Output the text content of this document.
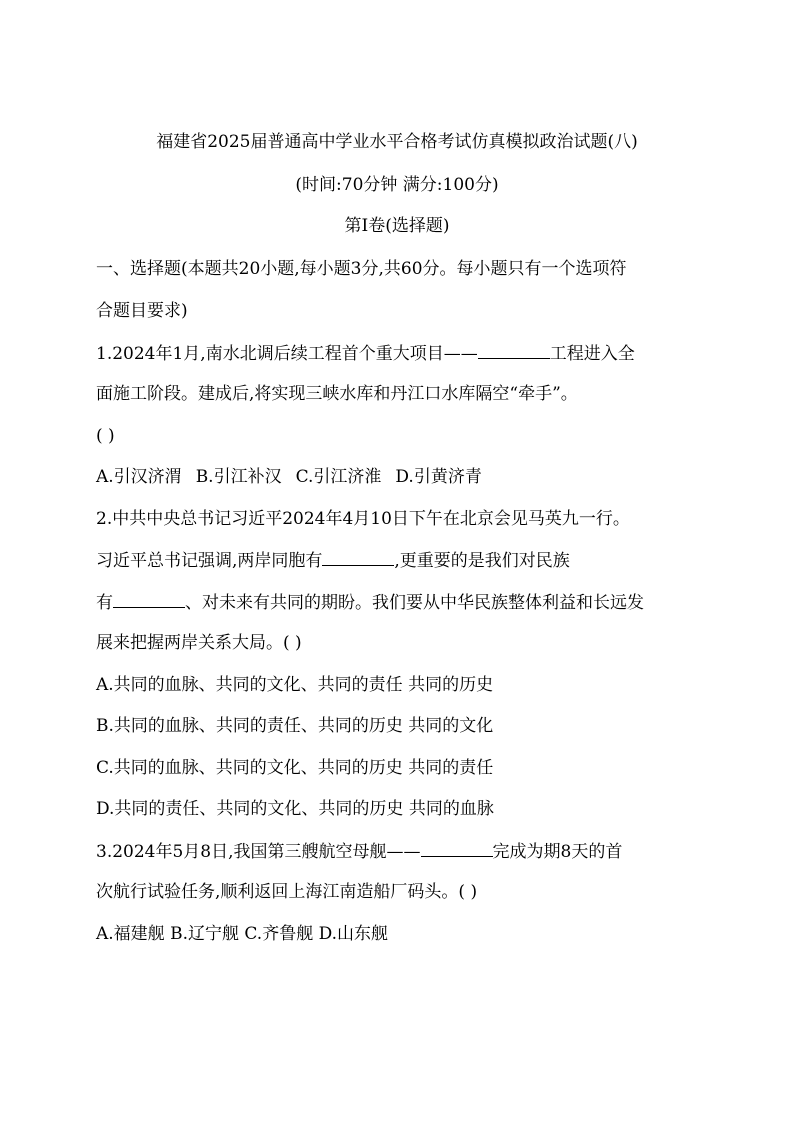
福建省2025届普通高中学业水平合格考试仿真模拟政治试题(八)
(时间:70分钟 满分:100分)
第Ⅰ卷(选择题)
一、选择题(本题共20小题,每小题3分,共60分。每小题只有一个选项符
合题目要求)
1.2024年1月,南水北调后续工程首个重大项目——	工程进入全
面施工阶段。建成后,将实现三峡水库和丹江口水库隔空“牵手”。
( )
A.引汉济渭 B.引江补汉 C.引江济淮 D.引黄济青
2.中共中央总书记习近平2024年4月10日下午在北京会见马英九一行。
习近平总书记强调,两岸同胞有	,更重要的是我们对民族
有	、对未来有共同的期盼。我们要从中华民族整体利益和长远发
展来把握两岸关系大局。( )
A.共同的血脉、共同的文化、共同的责任 共同的历史
B.共同的血脉、共同的责任、共同的历史 共同的文化
C.共同的血脉、共同的文化、共同的历史 共同的责任
D.共同的责任、共同的文化、共同的历史 共同的血脉
3.2024年5月8日,我国第三艘航空母舰——	完成为期8天的首
次航行试验任务,顺利返回上海江南造船厂码头。( )
A.福建舰 B.辽宁舰 C.齐鲁舰 D.山东舰
